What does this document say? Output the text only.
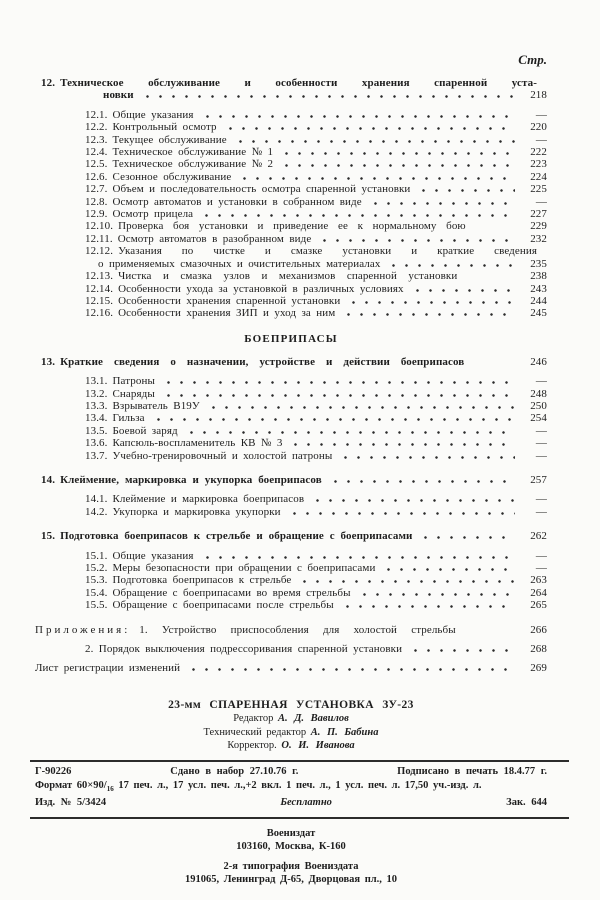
Стр.
12. Техническое обслуживание и особенности хранения спаренной уста-
новки	218
12.1. Общие указания	—
12.2. Контрольный осмотр	220
12.3. Текущее обслуживание	—
12.4. Техническое обслуживание № 1	222
12.5. Техническое обслуживание № 2	223
12.6. Сезонное обслуживание	224
12.7. Объем и последовательность осмотра спаренной установки	225
12.8. Осмотр автоматов и установки в собранном виде	—
12.9. Осмотр прицела	227
12.10. Проверка боя установки и приведение ее к нормальному бою	229
12.11. Осмотр автоматов в разобранном виде	232
12.12. Указания по чистке и смазке установки и краткие сведения
о применяемых смазочных и очистительных материалах	235
12.13. Чистка и смазка узлов и механизмов спаренной установки	238
12.14. Особенности ухода за установкой в различных условиях	243
12.15. Особенности хранения спаренной установки	244
12.16. Особенности хранения ЗИП и уход за ним	245
БОЕПРИПАСЫ
13. Краткие сведения о назначении, устройстве и действии боеприпасов	246
13.1. Патроны	—
13.2. Снаряды	248
13.3. Взрыватель В19У	250
13.4. Гильза	254
13.5. Боевой заряд	—
13.6. Капсюль-воспламенитель КВ № 3	—
13.7. Учебно-тренировочный и холостой патроны	—
14. Клеймение, маркировка и укупорка боеприпасов	257
14.1. Клеймение и маркировка боеприпасов	—
14.2. Укупорка и маркировка укупорки	—
15. Подготовка боеприпасов к стрельбе и обращение с боеприпасами	262
15.1. Общие указания	—
15.2. Меры безопасности при обращении с боеприпасами	—
15.3. Подготовка боеприпасов к стрельбе	263
15.4. Обращение с боеприпасами во время стрельбы	264
15.5. Обращение с боеприпасами после стрельбы	265
Приложения: 1. Устройство приспособления для холостой стрельбы	266
2. Порядок выключения подрессоривания спаренной установки	268
Лист регистрации изменений	269
23-мм СПАРЕННАЯ УСТАНОВКА ЗУ-23
Редактор А. Д. Вавилов
Технический редактор А. П. Бабина
Корректор. О. И. Иванова
Г-90226	Сдано в набор 27.10.76 г.	Подписано в печать 18.4.77 г.
Формат $60\times 90/_{16}$ 17 печ. л., 17 усл. печ. л.,+2 вкл. 1 печ. л., 1 усл. печ. л. 17,50 уч.-изд. л.
Изд. № 5/3424	Бесплатно	Зак. 644
Воениздат
103160, Москва, К-160
2-я типография Воениздата
191065, Ленинград Д-65, Дворцовая пл., 10
